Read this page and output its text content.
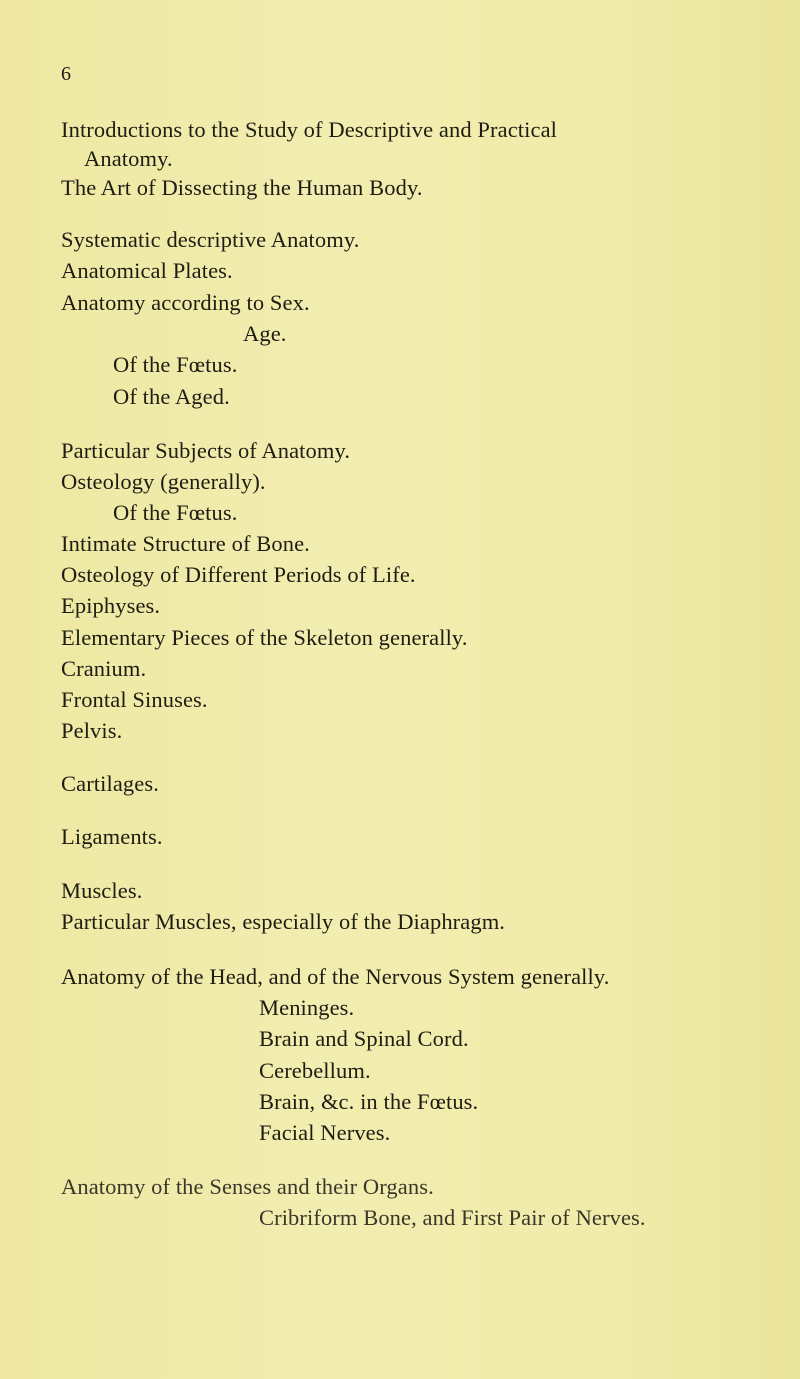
6
Introductions to the Study of Descriptive and Practical
Anatomy.
The Art of Dissecting the Human Body.
Systematic descriptive Anatomy.
Anatomical Plates.
Anatomy according to Sex.
Age.
Of the Fœtus.
Of the Aged.
Particular Subjects of Anatomy.
Osteology (generally).
Of the Fœtus.
Intimate Structure of Bone.
Osteology of Different Periods of Life.
Epiphyses.
Elementary Pieces of the Skeleton generally.
Cranium.
Frontal Sinuses.
Pelvis.
Cartilages.
Ligaments.
Muscles.
Particular Muscles, especially of the Diaphragm.
Anatomy of the Head, and of the Nervous System generally.
Meninges.
Brain and Spinal Cord.
Cerebellum.
Brain, &c. in the Fœtus.
Facial Nerves.
Anatomy of the Senses and their Organs.
Cribriform Bone, and First Pair of Nerves.
